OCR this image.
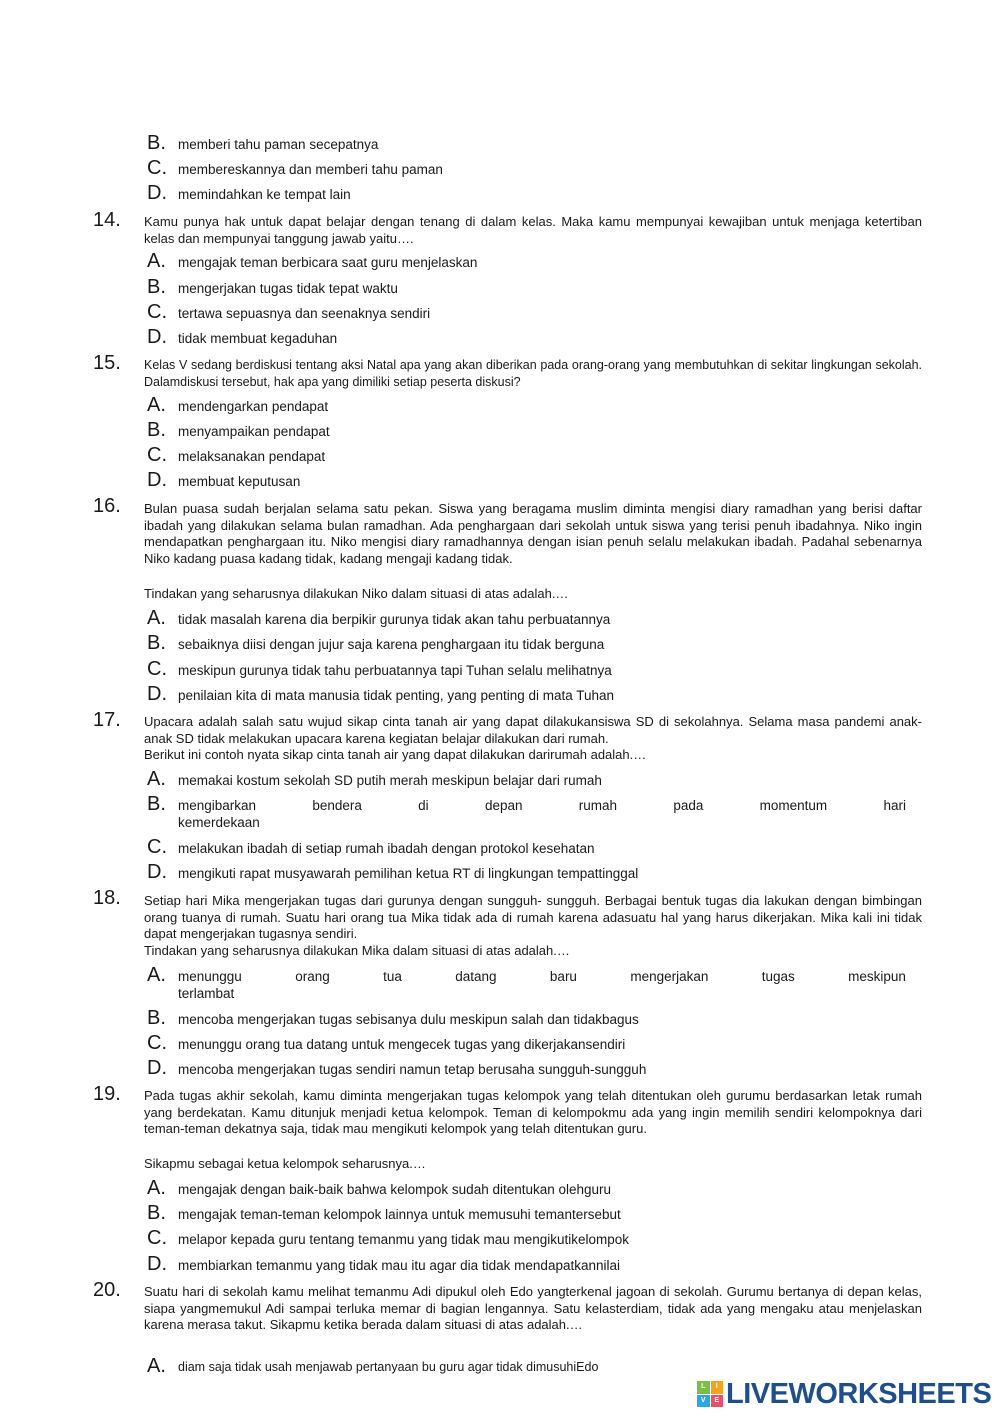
B. memberi tahu paman secepatnya
C. membereskannya dan memberi tahu paman
D. memindahkan ke tempat lain
14. Kamu punya hak untuk dapat belajar dengan tenang di dalam kelas. Maka kamu mempunyai kewajiban untuk menjaga ketertiban kelas dan mempunyai tanggung jawab yaitu….
A. mengajak teman berbicara saat guru menjelaskan
B. mengerjakan tugas tidak tepat waktu
C. tertawa sepuasnya dan seenaknya sendiri
D. tidak membuat kegaduhan
15. Kelas V sedang berdiskusi tentang aksi Natal apa yang akan diberikan pada orang-orang yang membutuhkan di sekitar lingkungan sekolah. Dalamdiskusi tersebut, hak apa yang dimiliki setiap peserta diskusi?
A. mendengarkan pendapat
B. menyampaikan pendapat
C. melaksanakan pendapat
D. membuat keputusan
16. Bulan puasa sudah berjalan selama satu pekan. Siswa yang beragama muslim diminta mengisi diary ramadhan yang berisi daftar ibadah yang dilakukan selama bulan ramadhan. Ada penghargaan dari sekolah untuk siswa yang terisi penuh ibadahnya. Niko ingin mendapatkan penghargaan itu. Niko mengisi diary ramadhannya dengan isian penuh selalu melakukan ibadah. Padahal sebenarnya Niko kadang puasa kadang tidak, kadang mengaji kadang tidak.
Tindakan yang seharusnya dilakukan Niko dalam situasi di atas adalah.…
A. tidak masalah karena dia berpikir gurunya tidak akan tahu perbuatannya
B. sebaiknya diisi dengan jujur saja karena penghargaan itu tidak berguna
C. meskipun gurunya tidak tahu perbuatannya tapi Tuhan selalu melihatnya
D. penilaian kita di mata manusia tidak penting, yang penting di mata Tuhan
17. Upacara adalah salah satu wujud sikap cinta tanah air yang dapat dilakukansiswa SD di sekolahnya. Selama masa pandemi anak-anak SD tidak melakukan upacara karena kegiatan belajar dilakukan dari rumah.
Berikut ini contoh nyata sikap cinta tanah air yang dapat dilakukan darirumah adalah.…
A. memakai kostum sekolah SD putih merah meskipun belajar dari rumah
B. mengibarkan	bendera	di	depan	rumah	pada	momentum	hari
kemerdekaan
C. melakukan ibadah di setiap rumah ibadah dengan protokol kesehatan
D. mengikuti rapat musyawarah pemilihan ketua RT di lingkungan tempattinggal
18. Setiap hari Mika mengerjakan tugas dari gurunya dengan sungguh- sungguh. Berbagai bentuk tugas dia lakukan dengan bimbingan orang tuanya di rumah. Suatu hari orang tua Mika tidak ada di rumah karena adasuatu hal yang harus dikerjakan. Mika kali ini tidak dapat mengerjakan tugasnya sendiri.
Tindakan yang seharusnya dilakukan Mika dalam situasi di atas adalah.…
A. menunggu	orang	tua	datang	baru	mengerjakan	tugas	meskipun
terlambat
B. mencoba mengerjakan tugas sebisanya dulu meskipun salah dan tidakbagus
C. menunggu orang tua datang untuk mengecek tugas yang dikerjakansendiri
D. mencoba mengerjakan tugas sendiri namun tetap berusaha sungguh-sungguh
19. Pada tugas akhir sekolah, kamu diminta mengerjakan tugas kelompok yang telah ditentukan oleh gurumu berdasarkan letak rumah yang berdekatan. Kamu ditunjuk menjadi ketua kelompok. Teman di kelompokmu ada yang ingin memilih sendiri kelompoknya dari teman-teman dekatnya saja, tidak mau mengikuti kelompok yang telah ditentukan guru.
Sikapmu sebagai ketua kelompok seharusnya.…
A. mengajak dengan baik-baik bahwa kelompok sudah ditentukan olehguru
B. mengajak teman-teman kelompok lainnya untuk memusuhi temantersebut
C. melapor kepada guru tentang temanmu yang tidak mau mengikutikelompok
D. membiarkan temanmu yang tidak mau itu agar dia tidak mendapatkannilai
20. Suatu hari di sekolah kamu melihat temanmu Adi dipukul oleh Edo yangterkenal jagoan di sekolah. Gurumu bertanya di depan kelas, siapa yangmemukul Adi sampai terluka memar di bagian lengannya. Satu kelasterdiam, tidak ada yang mengaku atau menjelaskan karena merasa takut. Sikapmu ketika berada dalam situasi di atas adalah.…
A. diam saja tidak usah menjawab pertanyaan bu guru agar tidak dimusuhiEdo
L	I
V	E LIVEWORKSHEETS
